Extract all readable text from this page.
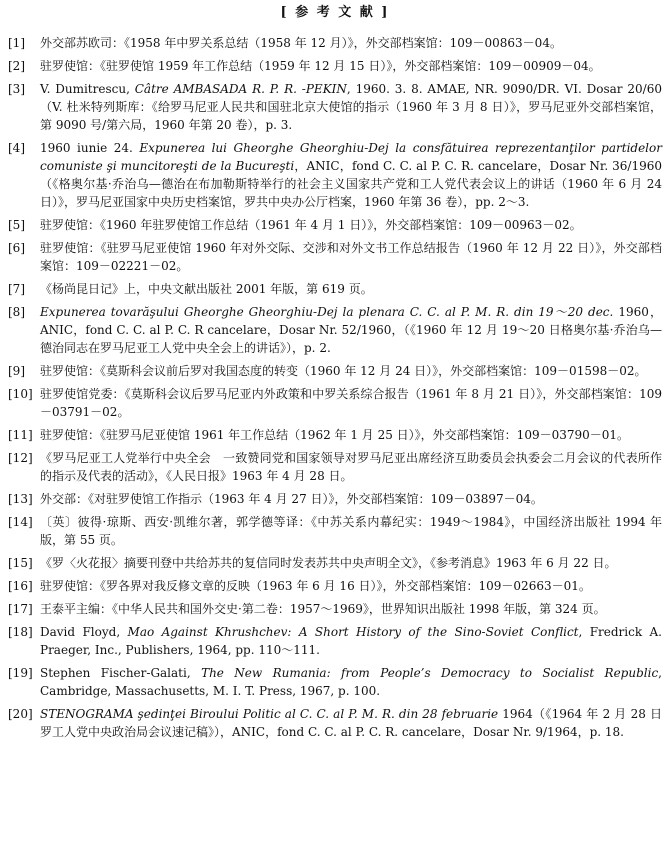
[ 参 考 文 献 ]
[1] 外交部苏欧司：《1958 年中罗关系总结（1958 年 12 月）》，外交部档案馆：109－00863－04。
[2] 驻罗使馆：《驻罗使馆 1959 年工作总结（1959 年 12 月 15 日）》，外交部档案馆：109－00909－04。
[3] V. Dumitrescu, Câtre AMBASADA R. P. R. -PEKIN, 1960. 3. 8. AMAE, NR. 9090/DR. VI. Dosar 20/60（V. 杜米特列斯库：《给罗马尼亚人民共和国驻北京大使馆的指示（1960 年 3 月 8 日）》，罗马尼亚外交部档案馆，第 9090 号/第六局，1960 年第 20 卷），p. 3.
[4] 1960 iunie 24. Expunerea lui Gheorghe Gheorghiu-Dej la consfătuirea reprezentanţilor partidelor comuniste şi muncitoreşti de la Bucureşti，ANIC，fond C. C. al P. C. R. cancelare，Dosar Nr. 36/1960（《格奥尔基·乔治乌—德治在布加勒斯特举行的社会主义国家共产党和工人党代表会议上的讲话（1960 年 6 月 24 日）》，罗马尼亚国家中央历史档案馆，罗共中央办公厅档案，1960 年第 36 卷），pp. 2～3.
[5] 驻罗使馆：《1960 年驻罗使馆工作总结（1961 年 4 月 1 日）》，外交部档案馆：109－00963－02。
[6] 驻罗使馆：《驻罗马尼亚使馆 1960 年对外交际、交涉和对外文书工作总结报告（1960 年 12 月 22 日）》，外交部档案馆：109－02221－02。
[7] 《杨尚昆日记》上，中央文献出版社 2001 年版，第 619 页。
[8] Expunerea tovarăşului Gheorghe Gheorghiu-Dej la plenara C. C. al P. M. R. din 19～20 dec. 1960，ANIC，fond C. C. al P. C. R cancelare，Dosar Nr. 52/1960，（《1960 年 12 月 19～20 日格奥尔基·乔治乌—德治同志在罗马尼亚工人党中央全会上的讲话》），p. 2.
[9] 驻罗使馆：《莫斯科会议前后罗对我国态度的转变（1960 年 12 月 24 日）》，外交部档案馆：109－01598－02。
[10] 驻罗使馆党委：《莫斯科会议后罗马尼亚内外政策和中罗关系综合报告（1961 年 8 月 21 日）》，外交部档案馆：109－03791－02。
[11] 驻罗使馆：《驻罗马尼亚使馆 1961 年工作总结（1962 年 1 月 25 日）》，外交部档案馆：109－03790－01。
[12] 《罗马尼亚工人党举行中央全会　一致赞同党和国家领导对罗马尼亚出席经济互助委员会执委会二月会议的代表所作的指示及代表的活动》，《人民日报》1963 年 4 月 28 日。
[13] 外交部：《对驻罗使馆工作指示（1963 年 4 月 27 日）》，外交部档案馆：109－03897－04。
[14] 〔英〕彼得·琼斯、西安·凯维尔著，郭学德等译：《中苏关系内幕纪实：1949～1984》，中国经济出版社 1994 年版，第 55 页。
[15] 《罗〈火花报〉摘要刊登中共给苏共的复信同时发表苏共中央声明全文》，《参考消息》1963 年 6 月 22 日。
[16] 驻罗使馆：《罗各界对我反修文章的反映（1963 年 6 月 16 日）》，外交部档案馆：109－02663－01。
[17] 王泰平主编：《中华人民共和国外交史·第二卷：1957～1969》，世界知识出版社 1998 年版，第 324 页。
[18] David Floyd, Mao Against Khrushchev: A Short History of the Sino-Soviet Conflict, Fredrick A. Praeger, Inc., Publishers, 1964, pp. 110～111.
[19] Stephen Fischer-Galati, The New Rumania: from People’s Democracy to Socialist Republic, Cambridge, Massachusetts, M. I. T. Press, 1967, p. 100.
[20] STENOGRAMA şedinţei Biroului Politic al C. C. al P. M. R. din 28 februarie 1964（《1964 年 2 月 28 日罗工人党中央政治局会议速记稿》），ANIC，fond C. C. al P. C. R. cancelare，Dosar Nr. 9/1964，p. 18.
